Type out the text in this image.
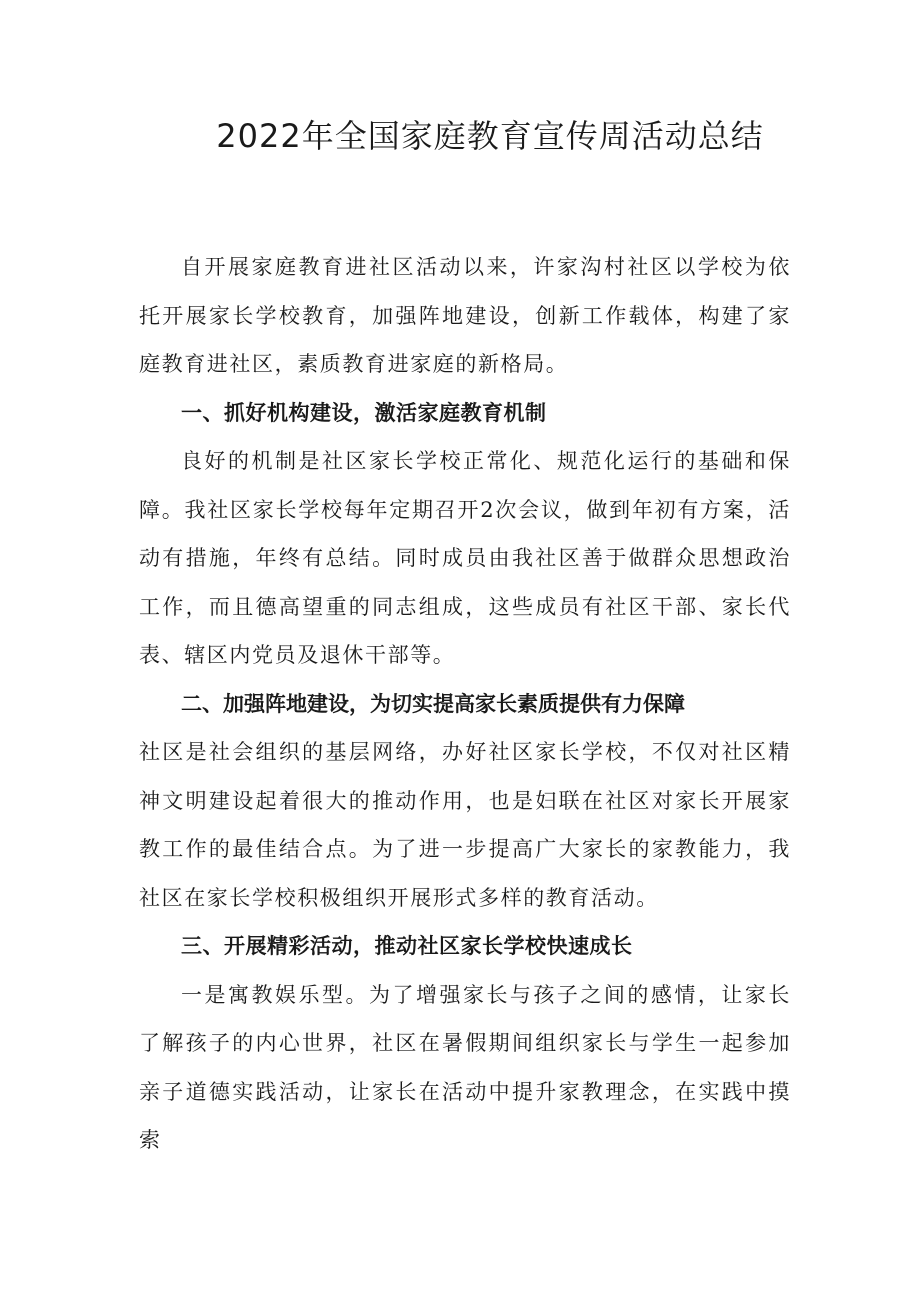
2022年全国家庭教育宣传周活动总结

自开展家庭教育进社区活动以来，许家沟村社区以学校为依托开展家长学校教育，加强阵地建设，创新工作载体，构建了家庭教育进社区，素质教育进家庭的新格局。

一、抓好机构建设，激活家庭教育机制

良好的机制是社区家长学校正常化、规范化运行的基础和保障。我社区家长学校每年定期召开2次会议，做到年初有方案，活动有措施，年终有总结。同时成员由我社区善于做群众思想政治工作，而且德高望重的同志组成，这些成员有社区干部、家长代表、辖区内党员及退休干部等。

二、加强阵地建设，为切实提高家长素质提供有力保障

社区是社会组织的基层网络，办好社区家长学校，不仅对社区精神文明建设起着很大的推动作用，也是妇联在社区对家长开展家教工作的最佳结合点。为了进一步提高广大家长的家教能力，我社区在家长学校积极组织开展形式多样的教育活动。

三、开展精彩活动，推动社区家长学校快速成长

一是寓教娱乐型。为了增强家长与孩子之间的感情，让家长了解孩子的内心世界，社区在暑假期间组织家长与学生一起参加亲子道德实践活动，让家长在活动中提升家教理念，在实践中摸索
